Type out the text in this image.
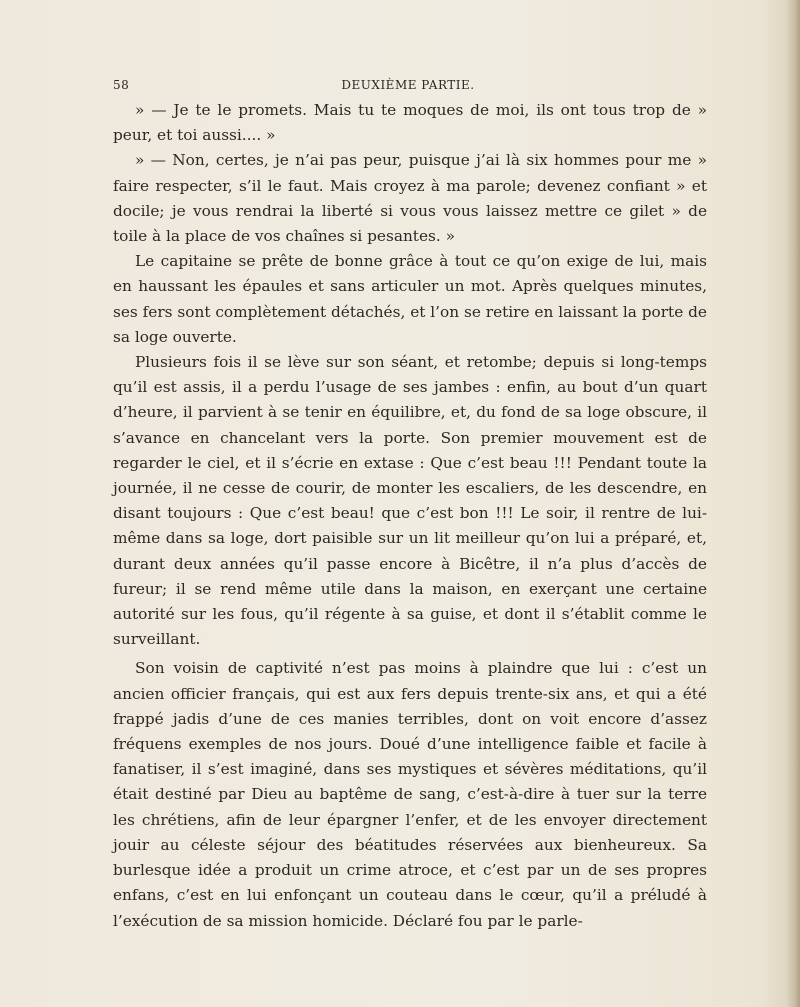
58	DEUXIÈME PARTIE.

» — Je te le promets. Mais tu te moques de moi, ils ont tous trop de » peur, et toi aussi.... »

» — Non, certes, je n’ai pas peur, puisque j’ai là six hommes pour me » faire respecter, s’il le faut. Mais croyez à ma parole; devenez confiant » et docile; je vous rendrai la liberté si vous vous laissez mettre ce gilet » de toile à la place de vos chaînes si pesantes. »

Le capitaine se prête de bonne grâce à tout ce qu’on exige de lui, mais en haussant les épaules et sans articuler un mot. Après quelques minutes, ses fers sont complètement détachés, et l’on se retire en laissant la porte de sa loge ouverte.

Plusieurs fois il se lève sur son séant, et retombe; depuis si long-temps qu’il est assis, il a perdu l’usage de ses jambes : enfin, au bout d’un quart d’heure, il parvient à se tenir en équilibre, et, du fond de sa loge obscure, il s’avance en chancelant vers la porte. Son premier mouvement est de regarder le ciel, et il s’écrie en extase : Que c’est beau !!! Pendant toute la journée, il ne cesse de courir, de monter les escaliers, de les descendre, en disant toujours : Que c’est beau! que c’est bon !!! Le soir, il rentre de lui-même dans sa loge, dort paisible sur un lit meilleur qu’on lui a préparé, et, durant deux années qu’il passe encore à Bicêtre, il n’a plus d’accès de fureur; il se rend même utile dans la maison, en exerçant une certaine autorité sur les fous, qu’il régente à sa guise, et dont il s’établit comme le surveillant.

Son voisin de captivité n’est pas moins à plaindre que lui : c’est un ancien officier français, qui est aux fers depuis trente-six ans, et qui a été frappé jadis d’une de ces manies terribles, dont on voit encore d’assez fréquens exemples de nos jours. Doué d’une intelligence faible et facile à fanatiser, il s’est imaginé, dans ses mystiques et sévères méditations, qu’il était destiné par Dieu au baptême de sang, c’est-à-dire à tuer sur la terre les chrétiens, afin de leur épargner l’enfer, et de les envoyer directement jouir au céleste séjour des béatitudes réservées aux bienheureux. Sa burlesque idée a produit un crime atroce, et c’est par un de ses propres enfans, c’est en lui enfonçant un couteau dans le cœur, qu’il a préludé à l’exécution de sa mission homicide. Déclaré fou par le parle-
